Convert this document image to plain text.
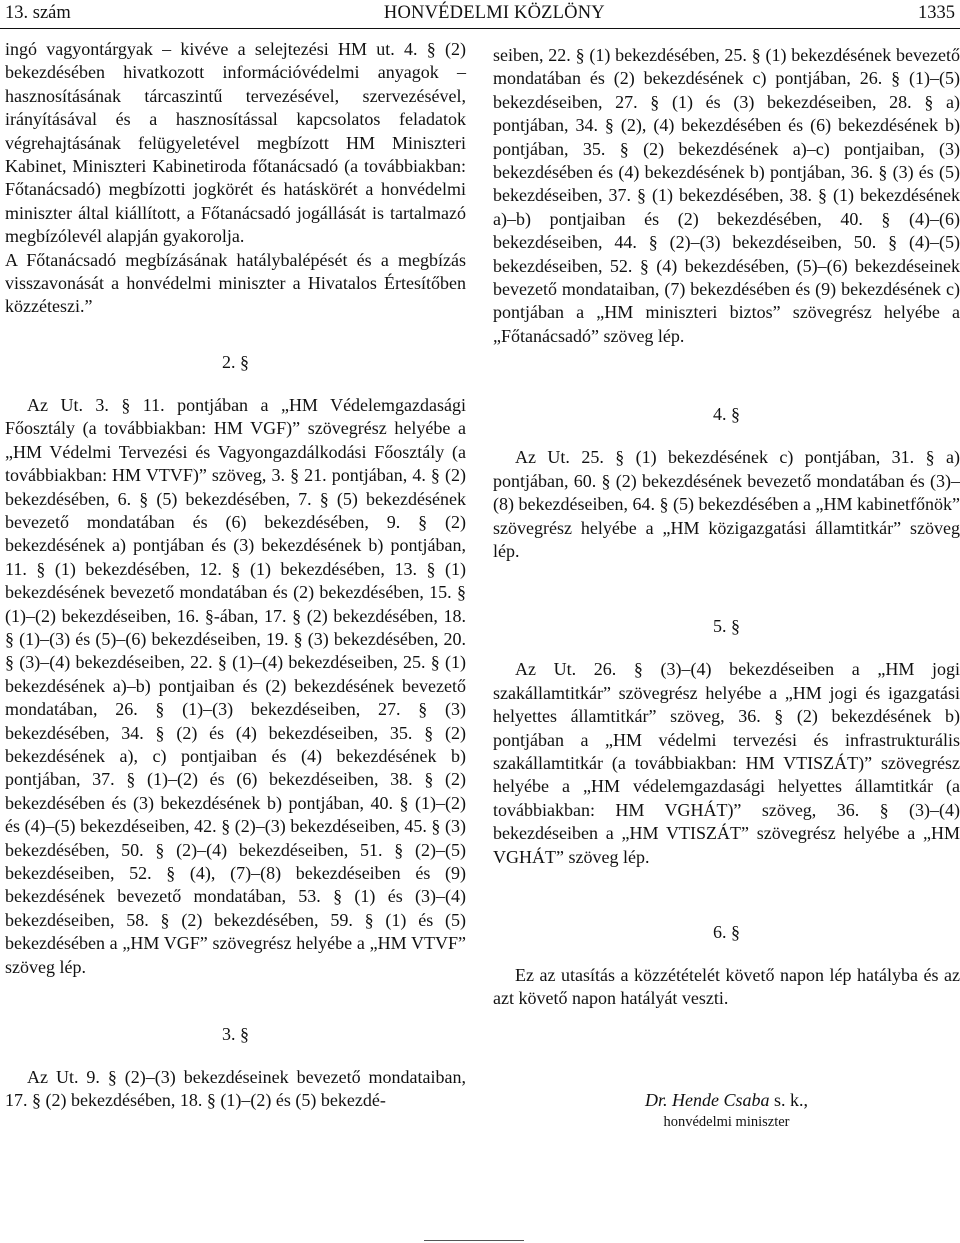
13. szám	HONVÉDELMI KÖZLÖNY	1335

ingó vagyontárgyak – kivéve a selejtezési HM ut. 4. § (2) bekezdésében hivatkozott információvédelmi anyagok – hasznosításának tárcaszintű tervezésével, szervezésével, irányításával és a hasznosítással kapcsolatos feladatok végrehajtásának felügyeletével megbízott HM Miniszteri Kabinet, Miniszteri Kabinetiroda főtanácsadó (a továbbiakban: Főtanácsadó) megbízotti jogkörét és hatáskörét a honvédelmi miniszter által kiállított, a Főtanácsadó jogállását is tartalmazó megbízólevél alapján gyakorolja.

A Főtanácsadó megbízásának hatálybalépését és a megbízás visszavonását a honvédelmi miniszter a Hivatalos Értesítőben közzéteszi.”

2. §

Az Ut. 3. § 11. pontjában a „HM Védelemgazdasági Főosztály (a továbbiakban: HM VGF)” szövegrész helyébe a „HM Védelmi Tervezési és Vagyongazdálkodási Főosztály (a továbbiakban: HM VTVF)” szöveg, 3. § 21. pontjában, 4. § (2) bekezdésében, 6. § (5) bekezdésében, 7. § (5) bekezdésének bevezető mondatában és (6) bekezdésében, 9. § (2) bekezdésének a) pontjában és (3) bekezdésének b) pontjában, 11. § (1) bekezdésében, 12. § (1) bekezdésében, 13. § (1) bekezdésének bevezető mondatában és (2) bekezdésében, 15. § (1)–(2) bekezdéseiben, 16. §-ában, 17. § (2) bekezdésében, 18. § (1)–(3) és (5)–(6) bekezdéseiben, 19. § (3) bekezdésében, 20. § (3)–(4) bekezdéseiben, 22. § (1)–(4) bekezdéseiben, 25. § (1) bekezdésének a)–b) pontjaiban és (2) bekezdésének bevezető mondatában, 26. § (1)–(3) bekezdéseiben, 27. § (3) bekezdésében, 34. § (2) és (4) bekezdéseiben, 35. § (2) bekezdésének a), c) pontjaiban és (4) bekezdésének b) pontjában, 37. § (1)–(2) és (6) bekezdéseiben, 38. § (2) bekezdésében és (3) bekezdésének b) pontjában, 40. § (1)–(2) és (4)–(5) bekezdéseiben, 42. § (2)–(3) bekezdéseiben, 45. § (3) bekezdésében, 50. § (2)–(4) bekezdéseiben, 51. § (2)–(5) bekezdéseiben, 52. § (4), (7)–(8) bekezdéseiben és (9) bekezdésének bevezető mondatában, 53. § (1) és (3)–(4) bekezdéseiben, 58. § (2) bekezdésében, 59. § (1) és (5) bekezdésében a „HM VGF” szövegrész helyébe a „HM VTVF” szöveg lép.

3. §

Az Ut. 9. § (2)–(3) bekezdéseinek bevezető mondataiban, 17. § (2) bekezdésében, 18. § (1)–(2) és (5) bekezdé-

seiben, 22. § (1) bekezdésében, 25. § (1) bekezdésének bevezető mondatában és (2) bekezdésének c) pontjában, 26. § (1)–(5) bekezdéseiben, 27. § (1) és (3) bekezdéseiben, 28. § a) pontjában, 34. § (2), (4) bekezdésében és (6) bekezdésének b) pontjában, 35. § (2) bekezdésének a)–c) pontjaiban, (3) bekezdésében és (4) bekezdésének b) pontjában, 36. § (3) és (5) bekezdéseiben, 37. § (1) bekezdésében, 38. § (1) bekezdésének a)–b) pontjaiban és (2) bekezdésében, 40. § (4)–(6) bekezdéseiben, 44. § (2)–(3) bekezdéseiben, 50. § (4)–(5) bekezdéseiben, 52. § (4) bekezdésében, (5)–(6) bekezdéseinek bevezető mondataiban, (7) bekezdésében és (9) bekezdésének c) pontjában a „HM miniszteri biztos” szövegrész helyébe a „Főtanácsadó” szöveg lép.

4. §

Az Ut. 25. § (1) bekezdésének c) pontjában, 31. § a) pontjában, 60. § (2) bekezdésének bevezető mondatában és (3)–(8) bekezdéseiben, 64. § (5) bekezdésében a „HM kabinetfőnök” szövegrész helyébe a „HM közigazgatási államtitkár” szöveg lép.

5. §

Az Ut. 26. § (3)–(4) bekezdéseiben a „HM jogi szakállamtitkár” szövegrész helyébe a „HM jogi és igazgatási helyettes államtitkár” szöveg, 36. § (2) bekezdésének b) pontjában a „HM védelmi tervezési és infrastrukturális szakállamtitkár (a továbbiakban: HM VTISZÁT)” szövegrész helyébe a „HM védelemgazdasági helyettes államtitkár (a továbbiakban: HM VGHÁT)” szöveg, 36. § (3)–(4) bekezdéseiben a „HM VTISZÁT” szövegrész helyébe a „HM VGHÁT” szöveg lép.

6. §

Ez az utasítás a közzétételét követő napon lép hatályba és az azt követő napon hatályát veszti.

Dr. Hende Csaba s. k.,

honvédelmi miniszter
